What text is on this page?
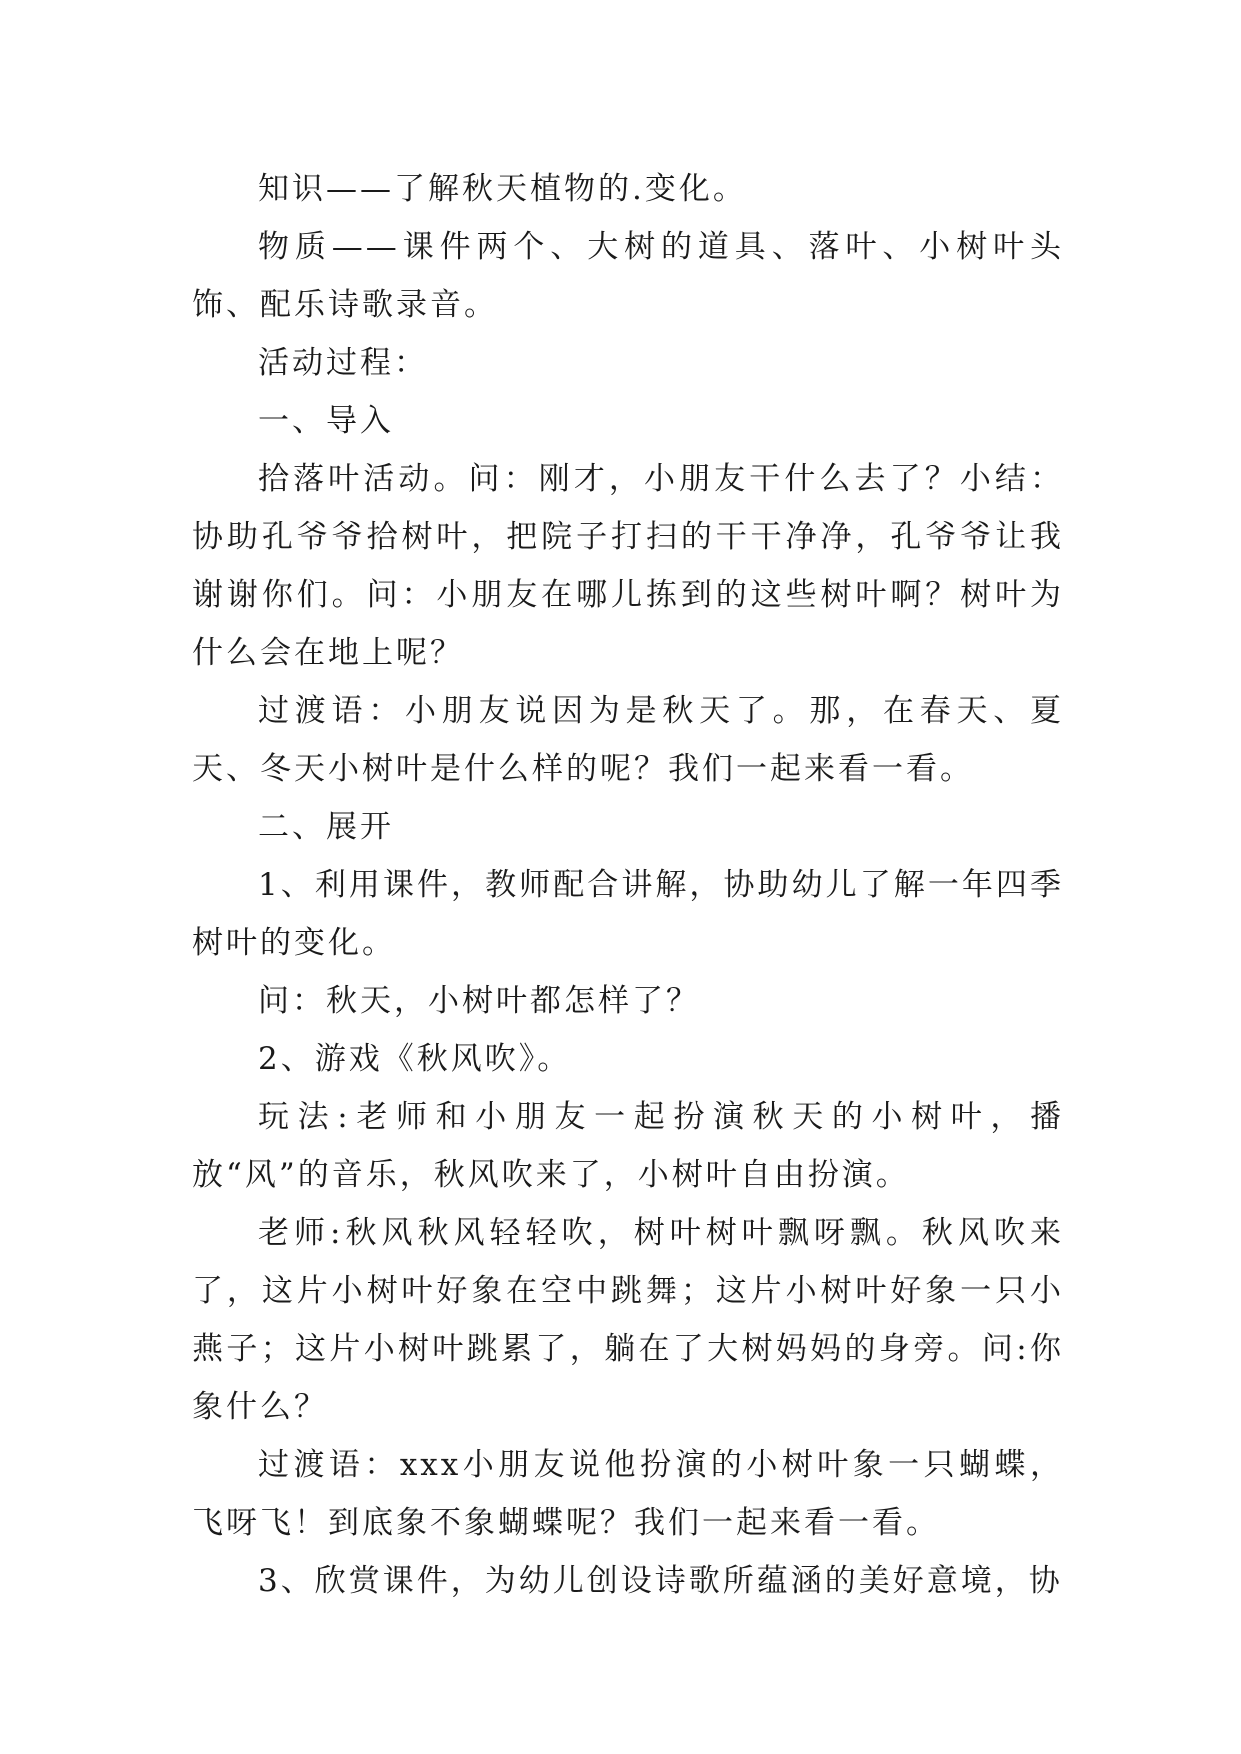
知识——了解秋天植物的.变化。

物质——课件两个、大树的道具、落叶、小树叶头饰、配乐诗歌录音。

活动过程：

一、导入

拾落叶活动。问：刚才，小朋友干什么去了？小结：协助孔爷爷拾树叶，把院子打扫的干干净净，孔爷爷让我谢谢你们。问：小朋友在哪儿拣到的这些树叶啊？树叶为什么会在地上呢？

过渡语：小朋友说因为是秋天了。那，在春天、夏天、冬天小树叶是什么样的呢？我们一起来看一看。

二、展开

1、利用课件，教师配合讲解，协助幼儿了解一年四季树叶的变化。

问：秋天，小树叶都怎样了？

2、游戏《秋风吹》。

玩法:老师和小朋友一起扮演秋天的小树叶，播放“风”的音乐，秋风吹来了，小树叶自由扮演。

老师:秋风秋风轻轻吹，树叶树叶飘呀飘。秋风吹来了，这片小树叶好象在空中跳舞；这片小树叶好象一只小燕子；这片小树叶跳累了，躺在了大树妈妈的身旁。问:你象什么？

过渡语：xxx小朋友说他扮演的小树叶象一只蝴蝶，飞呀飞！到底象不象蝴蝶呢？我们一起来看一看。

3、欣赏课件，为幼儿创设诗歌所蕴涵的美好意境，协
